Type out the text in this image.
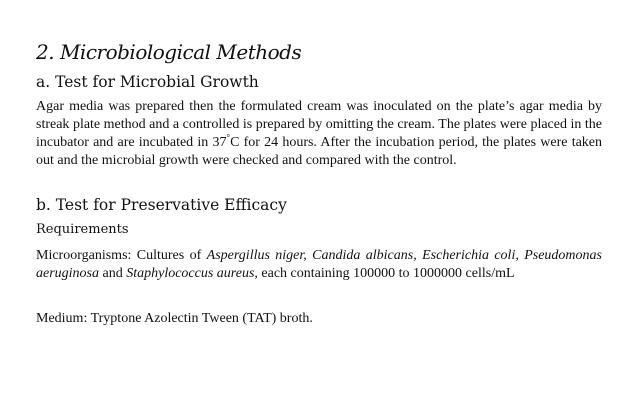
2. Microbiological Methods
a. Test for Microbial Growth
Agar media was prepared then the formulated cream was inoculated on the plate’s agar media by streak plate method and a controlled is prepared by omitting the cream. The plates were placed in the incubator and are incubated in 37°C for 24 hours. After the incubation period, the plates were taken out and the microbial growth were checked and compared with the control.
b. Test for Preservative Efficacy
Requirements
Microorganisms: Cultures of Aspergillus niger, Candida albicans, Escherichia coli, Pseudomonas aeruginosa and Staphylococcus aureus, each containing 100000 to 1000000 cells/mL
Medium: Tryptone Azolectin Tween (TAT) broth.
